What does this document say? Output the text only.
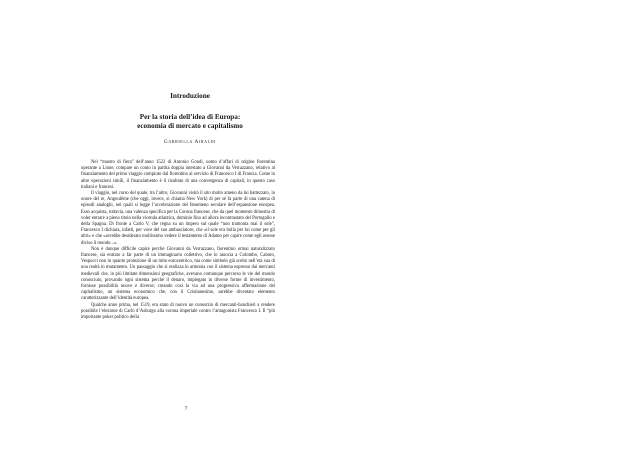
Introduzione
Per la storia dell’idea di Europa:
economia di mercato e capitalismo
Gabriella Airaldi

Nel “mastro di fiera” dell’anno 1522 di Antonio Gondi, uomo d’affari di origine fiorentina operante a Lione, compare un conto in partita doppia intestato a Giovanni da Verrazzano, relativo al finanziamento del primo viaggio compiuto dal fiorentino al servizio di Francesco I di Francia. Come in altre operazioni simili, il finanziamento è il risultato di una convergenza di capitali, in questo caso italiani e francesi.

Il viaggio, nel corso del quale, tra l’altro, Giovanni visitò il sito molto ameno da lui battezzato, in onore del re, Angoulême (che oggi, invece, si chiama New York) di per sé fa parte di una catena di episodi analoghi, nei quali si legge l’accelerazione del fenomeno secolare dell’espansione europea. Esso acquista, tuttavia, una valenza specifica per la Corona francese, che da quel momento dimostra di voler entrare a pieno titolo nella vicenda atlantica, dominio fino ad allora incontrastato del Portogallo e della Spagna. Di fronte a Carlo V, che regna su un impero sul quale “non tramonta mai il sole”, Francesco I dichiara, infatti, per voce del suo ambasciatore, che «il sole era bolla per lui come per gli altri» e che «avrebbe desiderato moltissimo vedere il testamento di Adamo per capire come egli avesse diviso il mondo...».

Non è dunque difficile capire perché Giovanni da Verrazzano, fiorentino ormai naturalizzato francese, sia entrato a far parte di un immaginario collettivo, che lo associa a Colombo, Caboto, Vespucci non in quanto proiezione di un mito eurocentrico, ma come simbolo già scelto nell’età sua di una realtà in mutamento. Un passaggio che si realizza in armonia con il sistema espresso dai mercanti medievali che, in più limitate dimensioni geografiche, avevano comunque percorso le vie del mondo conosciuto, provando ogni sistema perché il denaro, impiegato in diverse forme di investimento, fornisse possibilità nuove e diverse; creando così la via ad una progressiva affermazione del capitalismo, un sistema economico che, con il Cristianesimo, sarebbe diventato elemento caratterizzante dell’identità europea.

Qualche anno prima, nel 1519, era stato di nuovo un consorzio di mercanti-banchieri a rendere possibile l’elezione di Carlo d’Asburgo alla corona imperiale contro l’antagonista Francesco I. Il “più importante poker politico della

7
